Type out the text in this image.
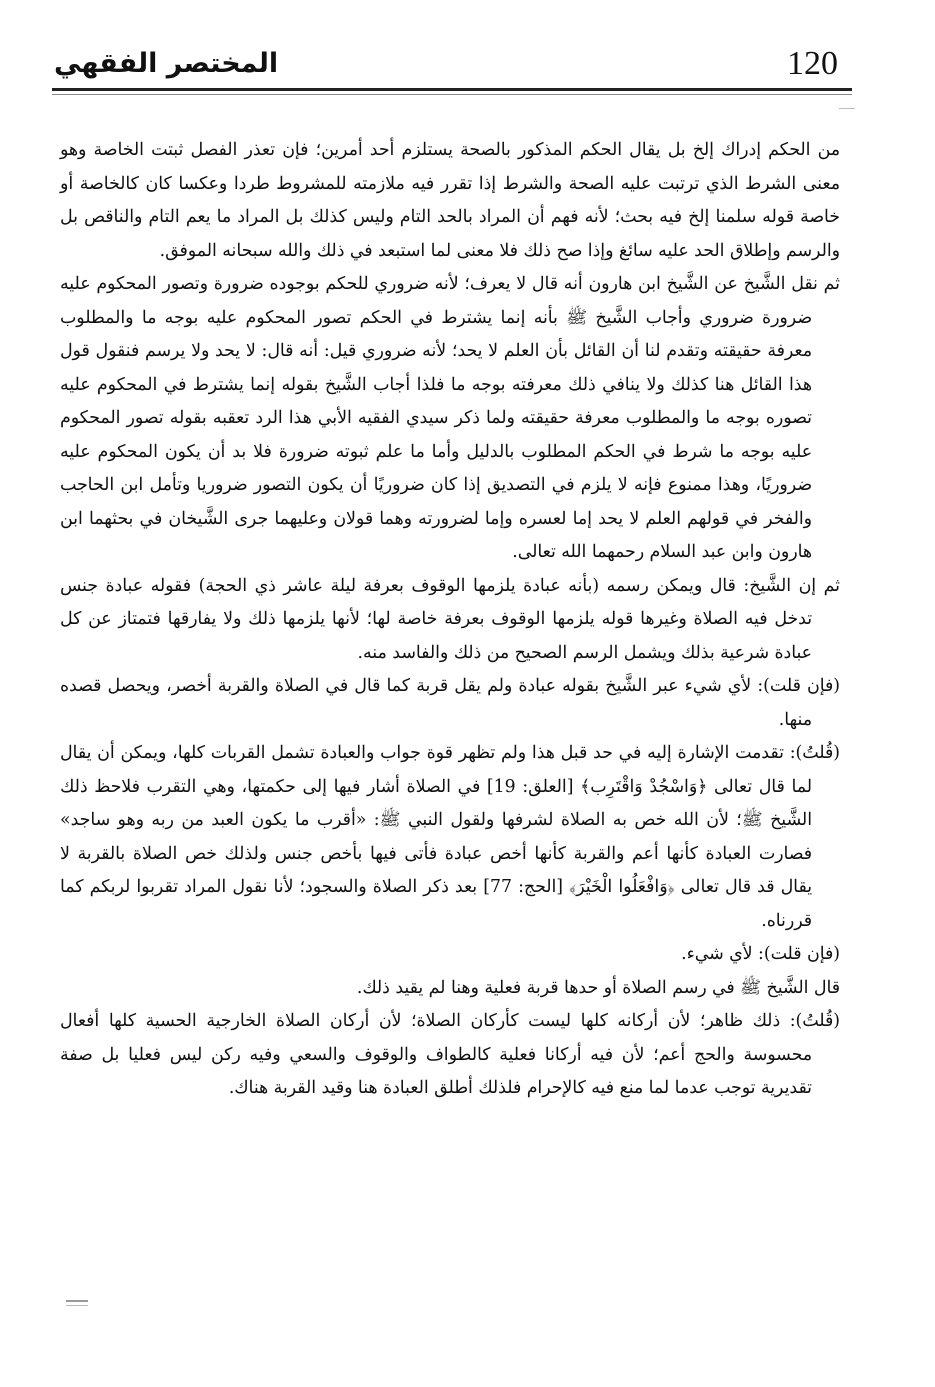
120
المختصر الفقهي

من الحكم إدراك إلخ بل يقال الحكم المذكور بالصحة يستلزم أحد أمرين؛ فإن تعذر الفصل ثبتت الخاصة وهو معنى الشرط الذي ترتبت عليه الصحة والشرط إذا تقرر فيه ملازمته للمشروط طردا وعكسا كان كالخاصة أو خاصة قوله سلمنا إلخ فيه بحث؛ لأنه فهم أن المراد بالحد التام وليس كذلك بل المراد ما يعم التام والناقص بل والرسم وإطلاق الحد عليه سائغ وإذا صح ذلك فلا معنى لما استبعد في ذلك والله سبحانه الموفق.

ثم نقل الشَّيخ عن الشَّيخ ابن هارون أنه قال لا يعرف؛ لأنه ضروري للحكم بوجوده ضرورة وتصور المحكوم عليه ضرورة ضروري وأجاب الشَّيخ ﷺ بأنه إنما يشترط في الحكم تصور المحكوم عليه بوجه ما والمطلوب معرفة حقيقته وتقدم لنا أن القائل بأن العلم لا يحد؛ لأنه ضروري قيل: أنه قال: لا يحد ولا يرسم فنقول قول هذا القائل هنا كذلك ولا ينافي ذلك معرفته بوجه ما فلذا أجاب الشَّيخ بقوله إنما يشترط في المحكوم عليه تصوره بوجه ما والمطلوب معرفة حقيقته ولما ذكر سيدي الفقيه الأبي هذا الرد تعقبه بقوله تصور المحكوم عليه بوجه ما شرط في الحكم المطلوب بالدليل وأما ما علم ثبوته ضرورة فلا بد أن يكون المحكوم عليه ضروريًا، وهذا ممنوع فإنه لا يلزم في التصديق إذا كان ضروريًا أن يكون التصور ضروريا وتأمل ابن الحاجب والفخر في قولهم العلم لا يحد إما لعسره وإما لضرورته وهما قولان وعليهما جرى الشَّيخان في بحثهما ابن هارون وابن عبد السلام رحمهما الله تعالى.

ثم إن الشَّيخ: قال ويمكن رسمه (بأنه عبادة يلزمها الوقوف بعرفة ليلة عاشر ذي الحجة) فقوله عبادة جنس تدخل فيه الصلاة وغيرها قوله يلزمها الوقوف بعرفة خاصة لها؛ لأنها يلزمها ذلك ولا يفارقها فتمتاز عن كل عبادة شرعية بذلك ويشمل الرسم الصحيح من ذلك والفاسد منه.

(فإن قلت): لأي شيء عبر الشَّيخ بقوله عبادة ولم يقل قربة كما قال في الصلاة والقربة أخصر، ويحصل قصده منها.

(قُلتُ): تقدمت الإشارة إليه في حد قبل هذا ولم تظهر قوة جواب والعبادة تشمل القربات كلها، ويمكن أن يقال لما قال تعالى ﴿وَاسْجُدْ وَاقْتَرِب﴾ [العلق: 19] في الصلاة أشار فيها إلى حكمتها، وهي التقرب فلاحظ ذلك الشَّيخ ﷺ؛ لأن الله خص به الصلاة لشرفها ولقول النبي ﷺ: «أقرب ما يكون العبد من ربه وهو ساجد» فصارت العبادة كأنها أعم والقربة كأنها أخص عبادة فأتى فيها بأخص جنس ولذلك خص الصلاة بالقربة لا يقال قد قال تعالى ﴿وَافْعَلُوا الْخَيْرَ﴾ [الحج: 77] بعد ذكر الصلاة والسجود؛ لأنا نقول المراد تقربوا لربكم كما قررناه.

(فإن قلت): لأي شيء.

قال الشَّيخ ﷺ في رسم الصلاة أو حدها قربة فعلية وهنا لم يقيد ذلك.

(قُلتُ): ذلك ظاهر؛ لأن أركانه كلها ليست كأركان الصلاة؛ لأن أركان الصلاة الخارجية الحسية كلها أفعال محسوسة والحج أعم؛ لأن فيه أركانا فعلية كالطواف والوقوف والسعي وفيه ركن ليس فعليا بل صفة تقديرية توجب عدما لما منع فيه كالإحرام فلذلك أطلق العبادة هنا وقيد القربة هناك.
